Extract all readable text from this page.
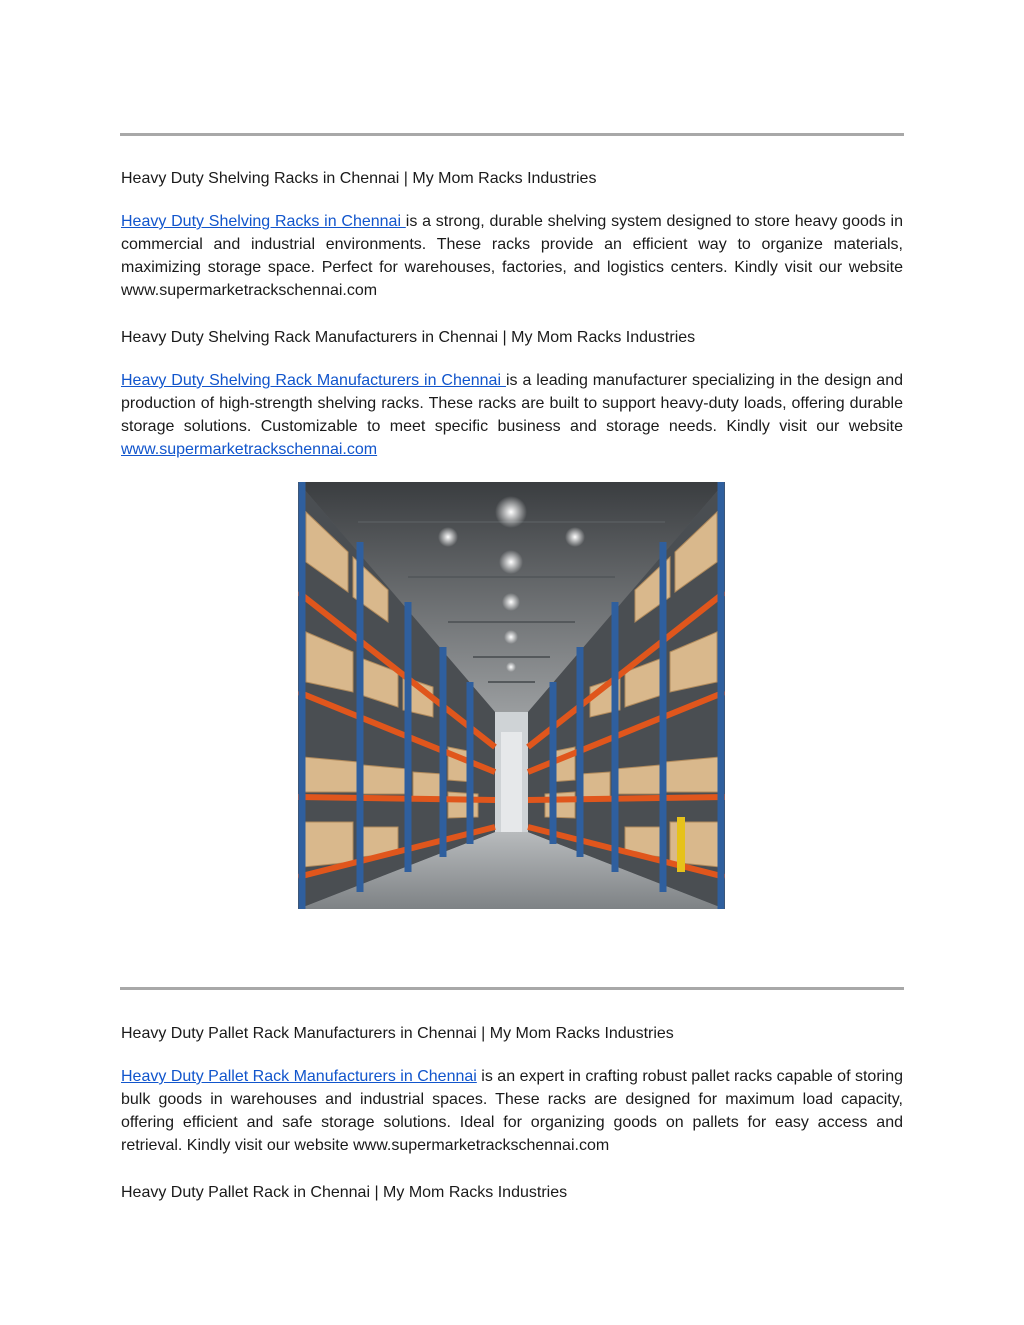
Heavy Duty Shelving Racks in Chennai | My Mom Racks Industries

Heavy Duty Shelving Racks in Chennai is a strong, durable shelving system designed to store heavy goods in commercial and industrial environments. These racks provide an efficient way to organize materials, maximizing storage space. Perfect for warehouses, factories, and logistics centers. Kindly visit our website www.supermarketrackschennai.com

Heavy Duty Shelving Rack Manufacturers in Chennai | My Mom Racks Industries

Heavy Duty Shelving Rack Manufacturers in Chennai is a leading manufacturer specializing in the design and production of high-strength shelving racks. These racks are built to support heavy-duty loads, offering durable storage solutions. Customizable to meet specific business and storage needs. Kindly visit our website www.supermarketrackschennai.com

Heavy Duty Pallet Rack Manufacturers in Chennai | My Mom Racks Industries

Heavy Duty Pallet Rack Manufacturers in Chennai is an expert in crafting robust pallet racks capable of storing bulk goods in warehouses and industrial spaces. These racks are designed for maximum load capacity, offering efficient and safe storage solutions. Ideal for organizing goods on pallets for easy access and retrieval. Kindly visit our website www.supermarketrackschennai.com

Heavy Duty Pallet Rack in Chennai | My Mom Racks Industries
